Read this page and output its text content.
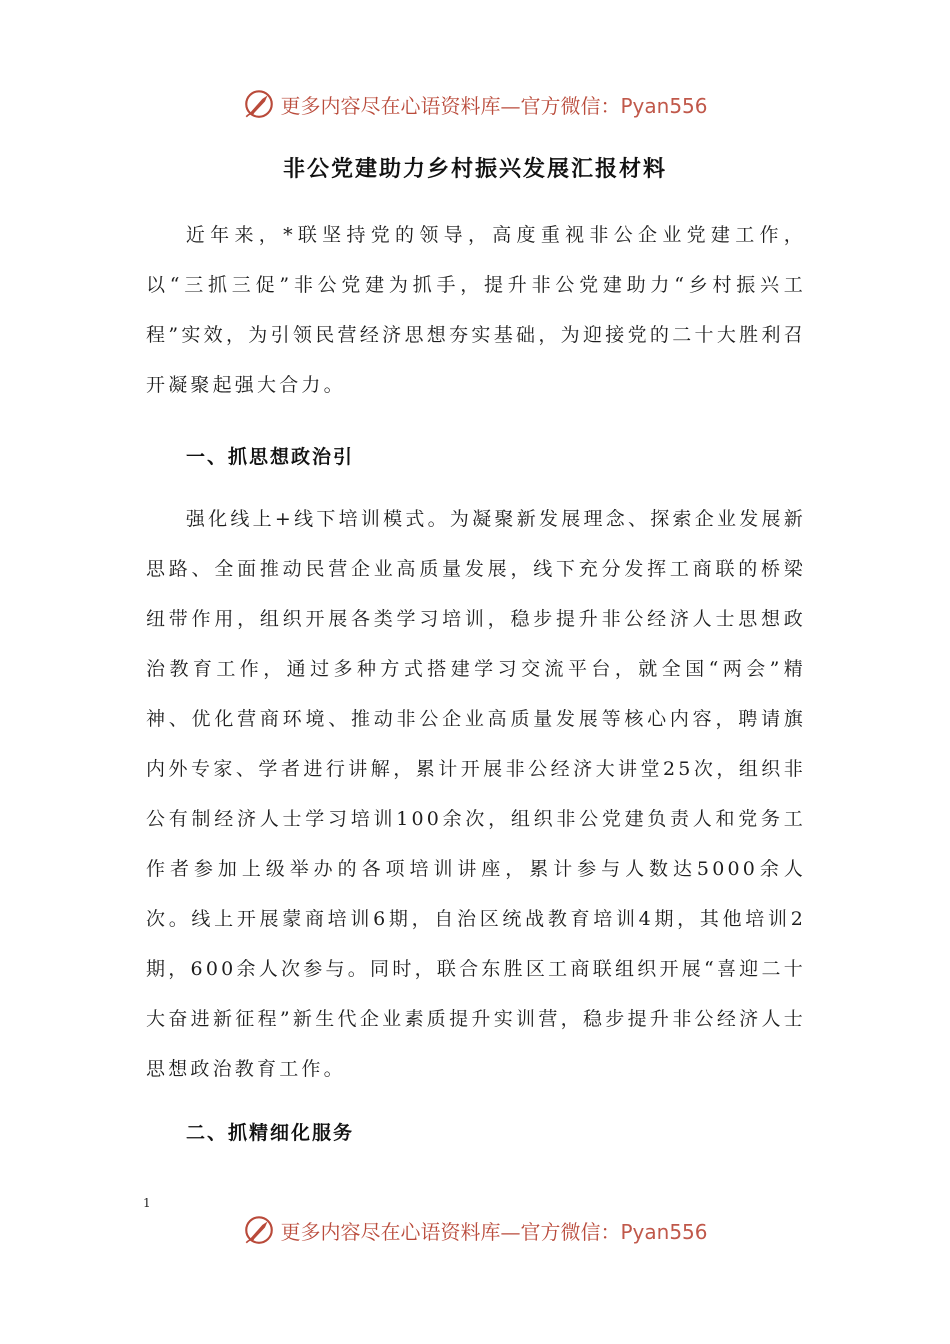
更多内容尽在心语资料库—官方微信：Pyan556
非公党建助力乡村振兴发展汇报材料

近年来，*联坚持党的领导，高度重视非公企业党建工作，以“三抓三促”非公党建为抓手，提升非公党建助力“乡村振兴工程”实效，为引领民营经济思想夯实基础，为迎接党的二十大胜利召开凝聚起强大合力。

一、抓思想政治引

强化线上+线下培训模式。为凝聚新发展理念、探索企业发展新思路、全面推动民营企业高质量发展，线下充分发挥工商联的桥梁纽带作用，组织开展各类学习培训，稳步提升非公经济人士思想政治教育工作，通过多种方式搭建学习交流平台，就全国“两会”精神、优化营商环境、推动非公企业高质量发展等核心内容，聘请旗内外专家、学者进行讲解，累计开展非公经济大讲堂25次，组织非公有制经济人士学习培训100余次，组织非公党建负责人和党务工作者参加上级举办的各项培训讲座，累计参与人数达5000余人次。线上开展蒙商培训6期，自治区统战教育培训4期，其他培训2期，600余人次参与。同时，联合东胜区工商联组织开展“喜迎二十大奋进新征程”新生代企业素质提升实训营，稳步提升非公经济人士思想政治教育工作。

二、抓精细化服务

1
更多内容尽在心语资料库—官方微信：Pyan556
